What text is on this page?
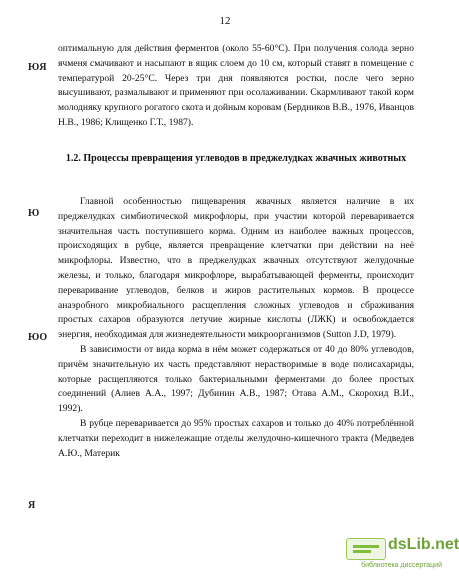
12
ЮЯ
Ю
ЮО
Я

оптимальную для действия ферментов (около 55-60°С). При получения солода зерно ячменя смачивают и насыпают в ящик слоем до 10 см, который ставят в помещение с температурой 20-25°С. Через три дня появляются ростки, после чего зерно высушивают, размалывают и применяют при осолаживании. Скармливают такой корм молодняку крупного рогатого скота и дойным коровам (Бердников В.В., 1976, Иванцов Н.В., 1986; Клищенко Г.Т., 1987).

1.2. Процессы превращения углеводов в преджелудках жвачных животных

Главной особенностью пищеварения жвачных является наличие в их преджелудках симбиотической микрофлоры, при участии которой переваривается значительная часть поступившего корма. Одним из наиболее важных процессов, происходящих в рубце, является превращение клетчатки при действии на неё микрофлоры. Известно, что в преджелудках жвачных отсутствуют желудочные железы, и только, благодаря микрофлоре, вырабатывающей ферменты, происходит переваривание углеводов, белков и жиров растительных кормов. В процессе анаэробного микробиального расщепления сложных углеводов и сбраживания простых сахаров образуются летучие жирные кислоты (ЛЖК) и освобождается энергия, необходимая для жизнедеятельности микроорганизмов (Sutton J.D, 1979).

В зависимости от вида корма в нём может содержаться от 40 до 80% углеводов, причём значительную их часть представляют нерастворимые в воде полисахариды, которые расщепляются только бактериальными ферментами до более простых соединений (Алиев А.А., 1997; Дубинин А.В., 1987; Отава А.М., Скорохид В.И., 1992).

В рубце переваривается до 95% простых сахаров и только до 40% потреблённой клетчатки переходит в нижележащие отделы желудочно-кишечного тракта (Медведев А.Ю., Материк

dsLib.net
библиотека диссертаций
